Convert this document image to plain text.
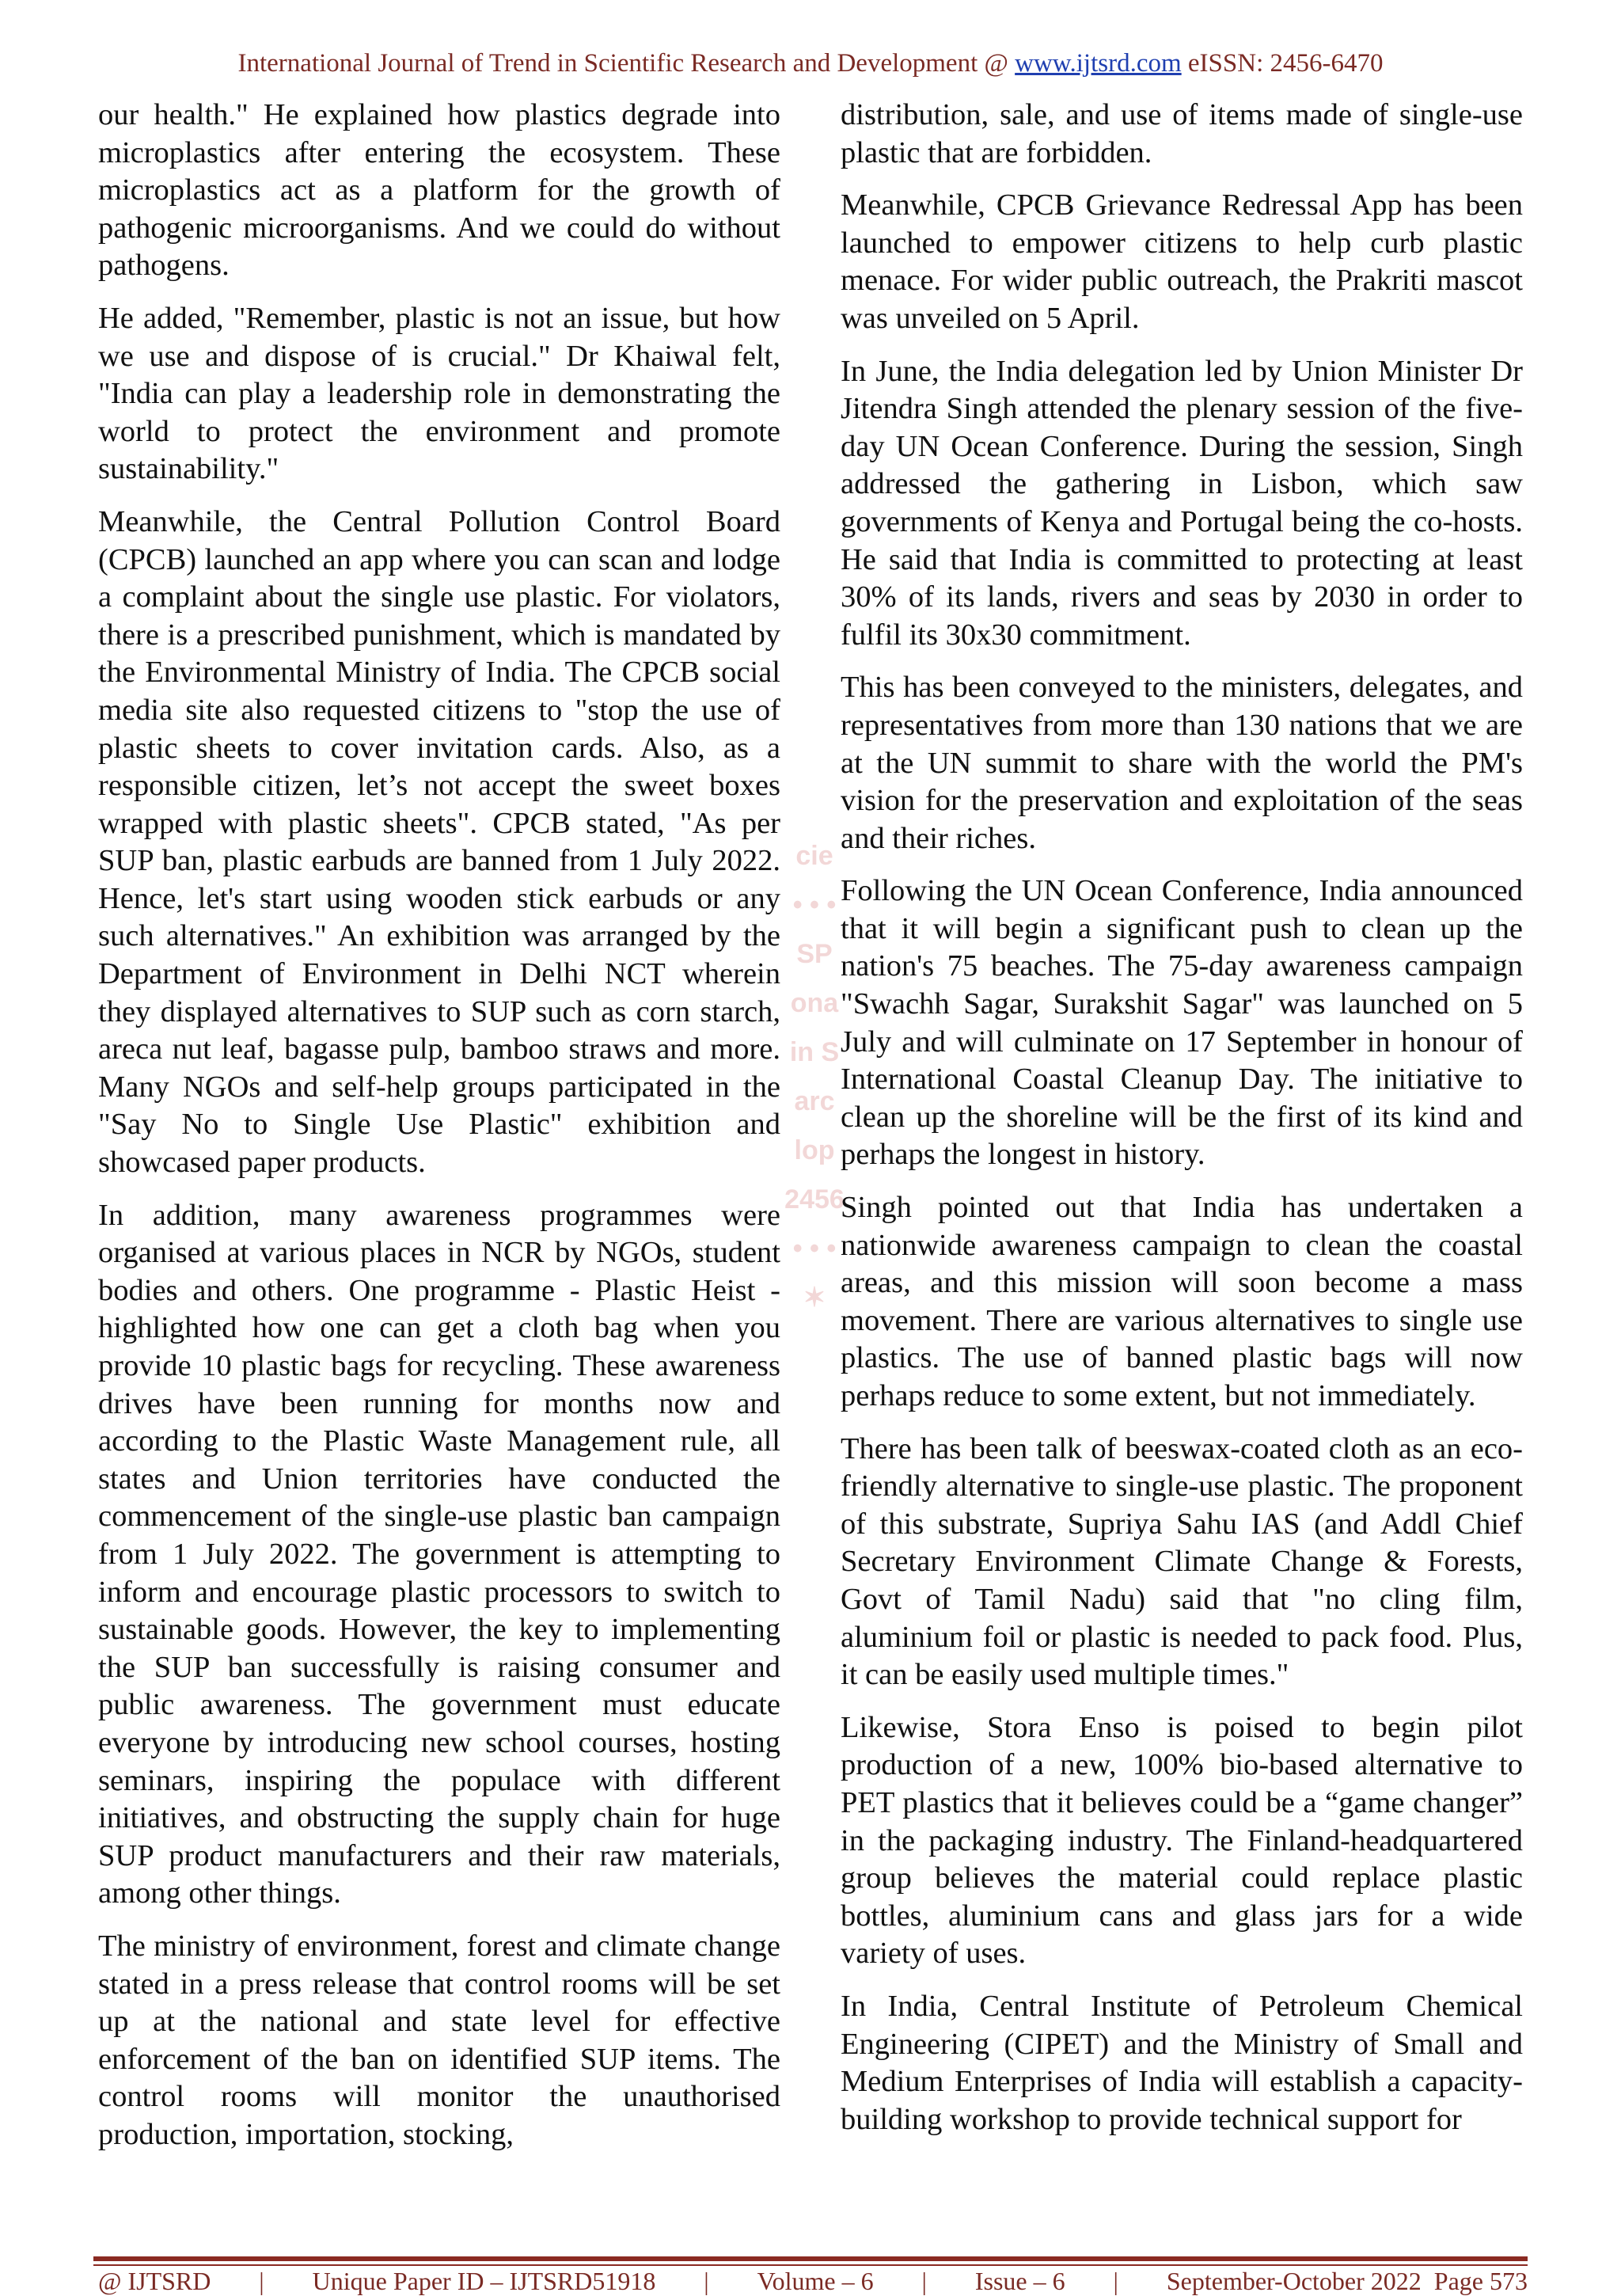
International Journal of Trend in Scientific Research and Development @ www.ijtsrd.com eISSN: 2456-6470

our health." He explained how plastics degrade into microplastics after entering the ecosystem. These microplastics act as a platform for the growth of pathogenic microorganisms. And we could do without pathogens.

He added, "Remember, plastic is not an issue, but how we use and dispose of is crucial." Dr Khaiwal felt, "India can play a leadership role in demonstrating the world to protect the environment and promote sustainability."

Meanwhile, the Central Pollution Control Board (CPCB) launched an app where you can scan and lodge a complaint about the single use plastic. For violators, there is a prescribed punishment, which is mandated by the Environmental Ministry of India. The CPCB social media site also requested citizens to "stop the use of plastic sheets to cover invitation cards. Also, as a responsible citizen, let’s not accept the sweet boxes wrapped with plastic sheets". CPCB stated, "As per SUP ban, plastic earbuds are banned from 1 July 2022. Hence, let's start using wooden stick earbuds or any such alternatives." An exhibition was arranged by the Department of Environment in Delhi NCT wherein they displayed alternatives to SUP such as corn starch, areca nut leaf, bagasse pulp, bamboo straws and more. Many NGOs and self-help groups participated in the "Say No to Single Use Plastic" exhibition and showcased paper products.

In addition, many awareness programmes were organised at various places in NCR by NGOs, student bodies and others. One programme - Plastic Heist - highlighted how one can get a cloth bag when you provide 10 plastic bags for recycling. These awareness drives have been running for months now and according to the Plastic Waste Management rule, all states and Union territories have conducted the commencement of the single-use plastic ban campaign from 1 July 2022. The government is attempting to inform and encourage plastic processors to switch to sustainable goods. However, the key to implementing the SUP ban successfully is raising consumer and public awareness. The government must educate everyone by introducing new school courses, hosting seminars, inspiring the populace with different initiatives, and obstructing the supply chain for huge SUP product manufacturers and their raw materials, among other things.

The ministry of environment, forest and climate change stated in a press release that control rooms will be set up at the national and state level for effective enforcement of the ban on identified SUP items. The control rooms will monitor the unauthorised production, importation, stocking,

cie
• • •
SP
ona
in S
arc
lop
2456
• • •
✶

distribution, sale, and use of items made of single-use plastic that are forbidden.

Meanwhile, CPCB Grievance Redressal App has been launched to empower citizens to help curb plastic menace. For wider public outreach, the Prakriti mascot was unveiled on 5 April.

In June, the India delegation led by Union Minister Dr Jitendra Singh attended the plenary session of the five-day UN Ocean Conference. During the session, Singh addressed the gathering in Lisbon, which saw governments of Kenya and Portugal being the co-hosts. He said that India is committed to protecting at least 30% of its lands, rivers and seas by 2030 in order to fulfil its 30x30 commitment.

This has been conveyed to the ministers, delegates, and representatives from more than 130 nations that we are at the UN summit to share with the world the PM's vision for the preservation and exploitation of the seas and their riches.

Following the UN Ocean Conference, India announced that it will begin a significant push to clean up the nation's 75 beaches. The 75-day awareness campaign "Swachh Sagar, Surakshit Sagar" was launched on 5 July and will culminate on 17 September in honour of International Coastal Cleanup Day. The initiative to clean up the shoreline will be the first of its kind and perhaps the longest in history.

Singh pointed out that India has undertaken a nationwide awareness campaign to clean the coastal areas, and this mission will soon become a mass movement. There are various alternatives to single use plastics. The use of banned plastic bags will now perhaps reduce to some extent, but not immediately.

There has been talk of beeswax-coated cloth as an eco-friendly alternative to single-use plastic. The proponent of this substrate, Supriya Sahu IAS (and Addl Chief Secretary Environment Climate Change & Forests, Govt of Tamil Nadu) said that "no cling film, aluminium foil or plastic is needed to pack food. Plus, it can be easily used multiple times."

Likewise, Stora Enso is poised to begin pilot production of a new, 100% bio-based alternative to PET plastics that it believes could be a “game changer” in the packaging industry. The Finland-headquartered group believes the material could replace plastic bottles, aluminium cans and glass jars for a wide variety of uses.

In India, Central Institute of Petroleum Chemical Engineering (CIPET) and the Ministry of Small and Medium Enterprises of India will establish a capacity-building workshop to provide technical support for

@ IJTSRD | Unique Paper ID – IJTSRD51918 | Volume – 6 | Issue – 6 | September-October 2022 Page 573
